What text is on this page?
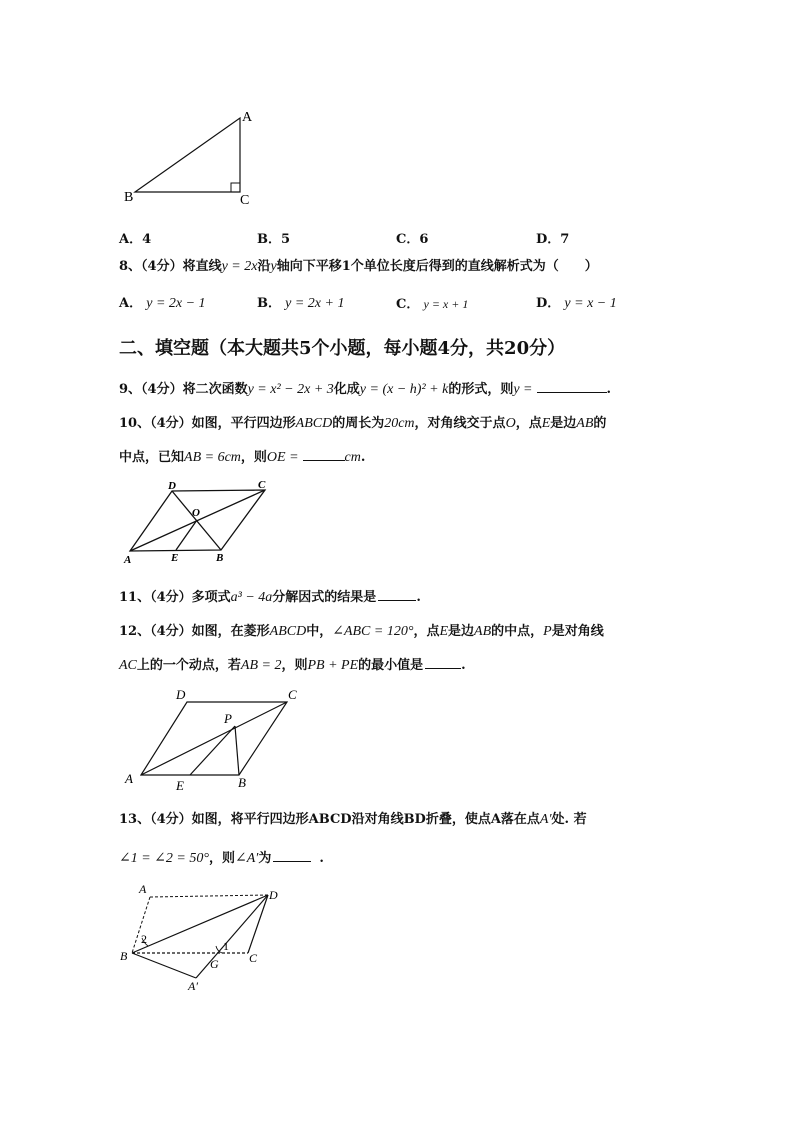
A
B	C
A．4	B．5	C．6	D．7
8、（4分）将直线y = 2x沿y轴向下平移1个单位长度后得到的直线解析式为（　　）
A． y = 2x − 1	B． y = 2x + 1	C． y = x + 1	D． y = x − 1
二、填空题（本大题共5个小题，每小题4分，共20分）
9、（4分）将二次函数y = x² − 2x + 3化成y = (x − h)² + k的形式，则y =	.
10、（4分）如图，平行四边形ABCD的周长为20cm，对角线交于点O，点E是边AB的
中点，已知AB = 6cm，则OE =	cm.
D	C
O
A	E	B
11、（4分）多项式a³ − 4a分解因式的结果是	.
12、（4分）如图，在菱形ABCD中，∠ABC = 120°，点E是边AB的中点，P是对角线
AC上的一个动点，若AB = 2，则PB + PE的最小值是	.
D	C
P
A	E	B
13、（4分）如图，将平行四边形ABCD沿对角线BD折叠，使点A落在点A′处. 若
∠1 = ∠2 = 50°，则∠A′为	.
A	D
2	1
B
G	C
A′
